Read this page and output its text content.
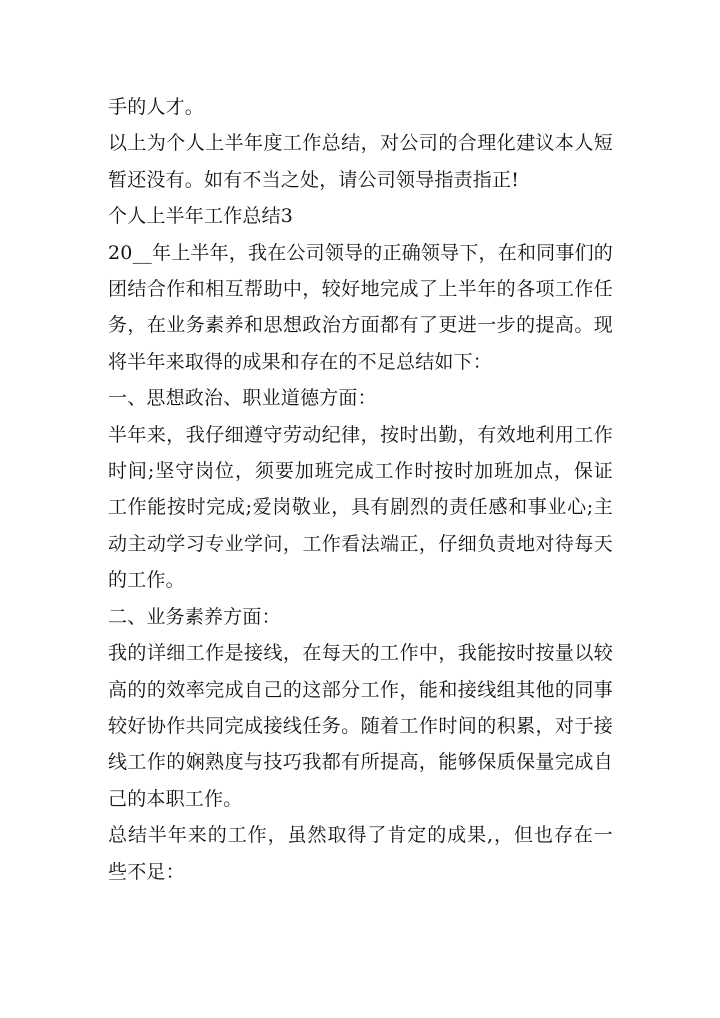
手的人才。

以上为个人上半年度工作总结，对公司的合理化建议本人短暂还没有。如有不当之处，请公司领导指责指正!

个人上半年工作总结3

20__年上半年，我在公司领导的正确领导下，在和同事们的团结合作和相互帮助中，较好地完成了上半年的各项工作任务，在业务素养和思想政治方面都有了更进一步的提高。现将半年来取得的成果和存在的不足总结如下：

一、思想政治、职业道德方面：

半年来，我仔细遵守劳动纪律，按时出勤，有效地利用工作时间;坚守岗位，须要加班完成工作时按时加班加点，保证工作能按时完成;爱岗敬业，具有剧烈的责任感和事业心;主动主动学习专业学问，工作看法端正，仔细负责地对待每天的工作。

二、业务素养方面：

我的详细工作是接线，在每天的工作中，我能按时按量以较高的的效率完成自己的这部分工作，能和接线组其他的同事较好协作共同完成接线任务。随着工作时间的积累，对于接线工作的娴熟度与技巧我都有所提高，能够保质保量完成自己的本职工作。

总结半年来的工作，虽然取得了肯定的成果,，但也存在一些不足：
